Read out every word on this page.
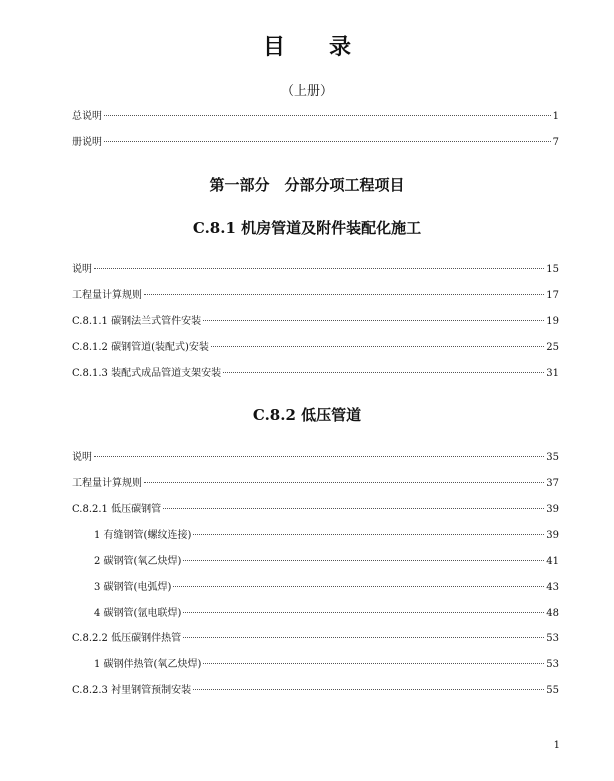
目 录
（上册）
总说明	1
册说明	7
第一部分　分部分项工程项目
C.8.1 机房管道及附件装配化施工
说明	15
工程量计算规则	17
C.8.1.1 碳钢法兰式管件安装	19
C.8.1.2 碳钢管道(装配式)安装	25
C.8.1.3 装配式成品管道支架安装	31
C.8.2 低压管道
说明	35
工程量计算规则	37
C.8.2.1 低压碳钢管	39
1 有缝钢管(螺纹连接)	39
2 碳钢管(氧乙炔焊)	41
3 碳钢管(电弧焊)	43
4 碳钢管(氩电联焊)	48
C.8.2.2 低压碳钢伴热管	53
1 碳钢伴热管(氧乙炔焊)	53
C.8.2.3 衬里钢管预制安装	55
1
